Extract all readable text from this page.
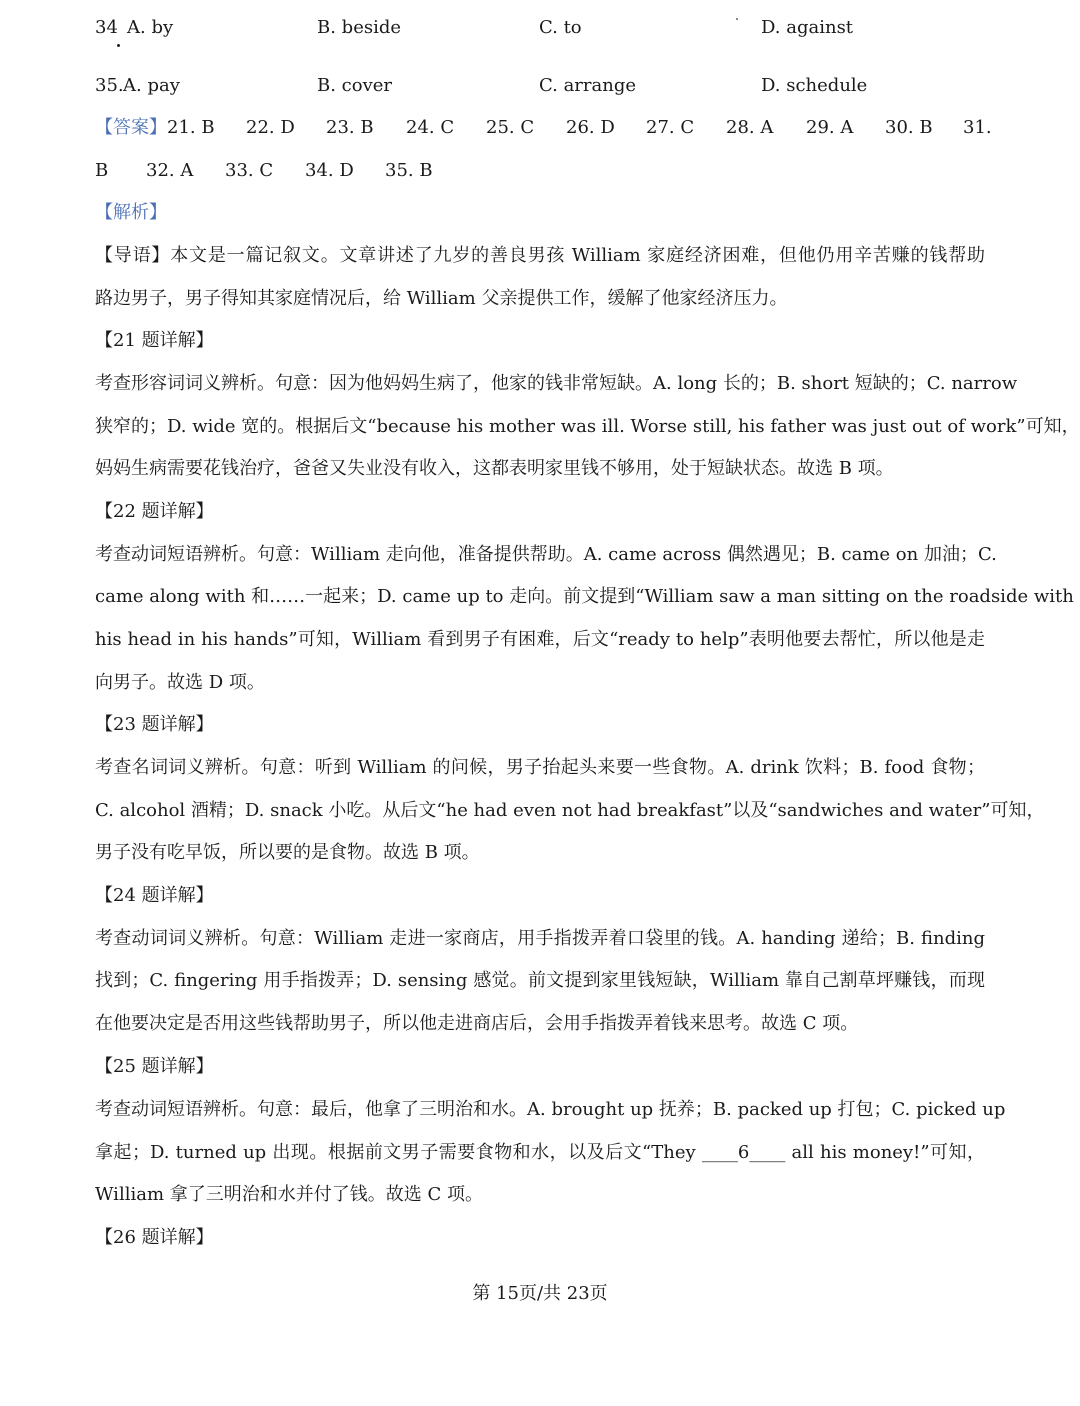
34 A. by	B. beside	C. to	D. against
35. A. pay	B. cover	C. arrange	D. schedule
【答案】 21. B 22. D 23. B 24. C 25. C 26. D 27. C 28. A 29. A 30. B 31.
B 32. A 33. C 34. D 35. B
【解析】
【导语】本文是一篇记叙文。文章讲述了九岁的善良男孩 William 家庭经济困难，但他仍用辛苦赚的钱帮助
路边男子，男子得知其家庭情况后，给 William 父亲提供工作，缓解了他家经济压力。
【21 题详解】
考查形容词词义辨析。句意：因为他妈妈生病了，他家的钱非常短缺。A. long 长的；B. short 短缺的；C. narrow
狭窄的；D. wide 宽的。根据后文“because his mother was ill. Worse still, his father was just out of work”可知，
妈妈生病需要花钱治疗，爸爸又失业没有收入，这都表明家里钱不够用，处于短缺状态。故选 B 项。
【22 题详解】
考查动词短语辨析。句意：William 走向他，准备提供帮助。A. came across 偶然遇见；B. came on 加油；C.
came along with 和……一起来；D. came up to 走向。前文提到“William saw a man sitting on the roadside with
his head in his hands”可知，William 看到男子有困难，后文“ready to help”表明他要去帮忙，所以他是走
向男子。故选 D 项。
【23 题详解】
考查名词词义辨析。句意：听到 William 的问候，男子抬起头来要一些食物。A. drink 饮料；B. food 食物；
C. alcohol 酒精；D. snack 小吃。从后文“he had even not had breakfast”以及“sandwiches and water”可知，
男子没有吃早饭，所以要的是食物。故选 B 项。
【24 题详解】
考查动词词义辨析。句意：William 走进一家商店，用手指拨弄着口袋里的钱。A. handing 递给；B. finding
找到；C. fingering 用手指拨弄；D. sensing 感觉。前文提到家里钱短缺，William 靠自己割草坪赚钱，而现
在他要决定是否用这些钱帮助男子，所以他走进商店后，会用手指拨弄着钱来思考。故选 C 项。
【25 题详解】
考查动词短语辨析。句意：最后，他拿了三明治和水。A. brought up 抚养；B. packed up 打包；C. picked up
拿起；D. turned up 出现。根据前文男子需要食物和水，以及后文“They ____6____ all his money!”可知，
William 拿了三明治和水并付了钱。故选 C 项。
【26 题详解】
第 15页/共 23页
